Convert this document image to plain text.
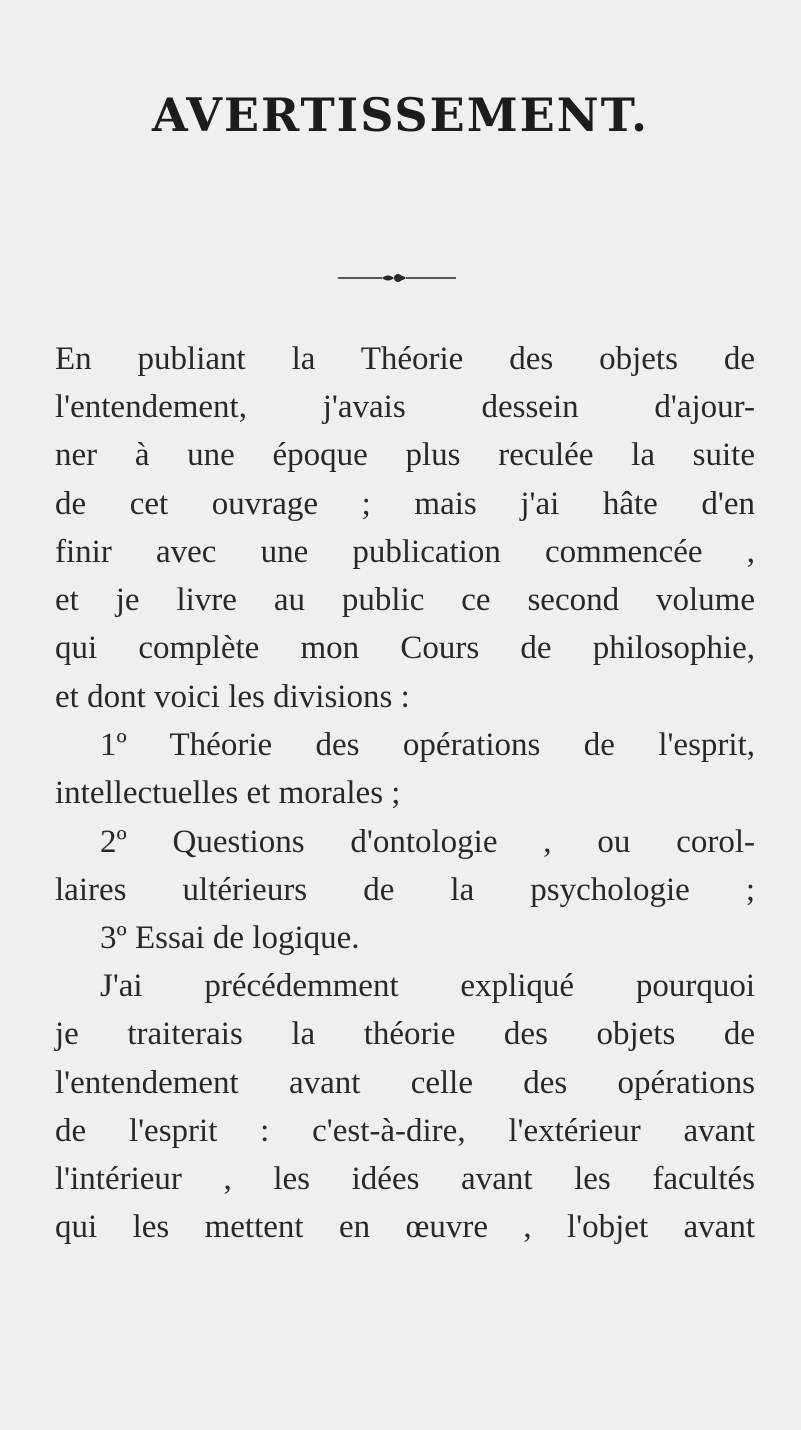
AVERTISSEMENT.
En publiant la Théorie des objets de
l'entendement, j'avais dessein d'ajour-
ner à une époque plus reculée la suite
de cet ouvrage ; mais j'ai hâte d'en
finir avec une publication commencée ,
et je livre au public ce second volume
qui complète mon Cours de philosophie,
et dont voici les divisions :
1º Théorie des opérations de l'esprit,
intellectuelles et morales ;
2º Questions d'ontologie , ou corol-
laires ultérieurs de la psychologie ;
3º Essai de logique.
J'ai précédemment expliqué pourquoi
je traiterais la théorie des objets de
l'entendement avant celle des opérations
de l'esprit : c'est-à-dire, l'extérieur avant
l'intérieur , les idées avant les facultés
qui les mettent en œuvre , l'objet avant
